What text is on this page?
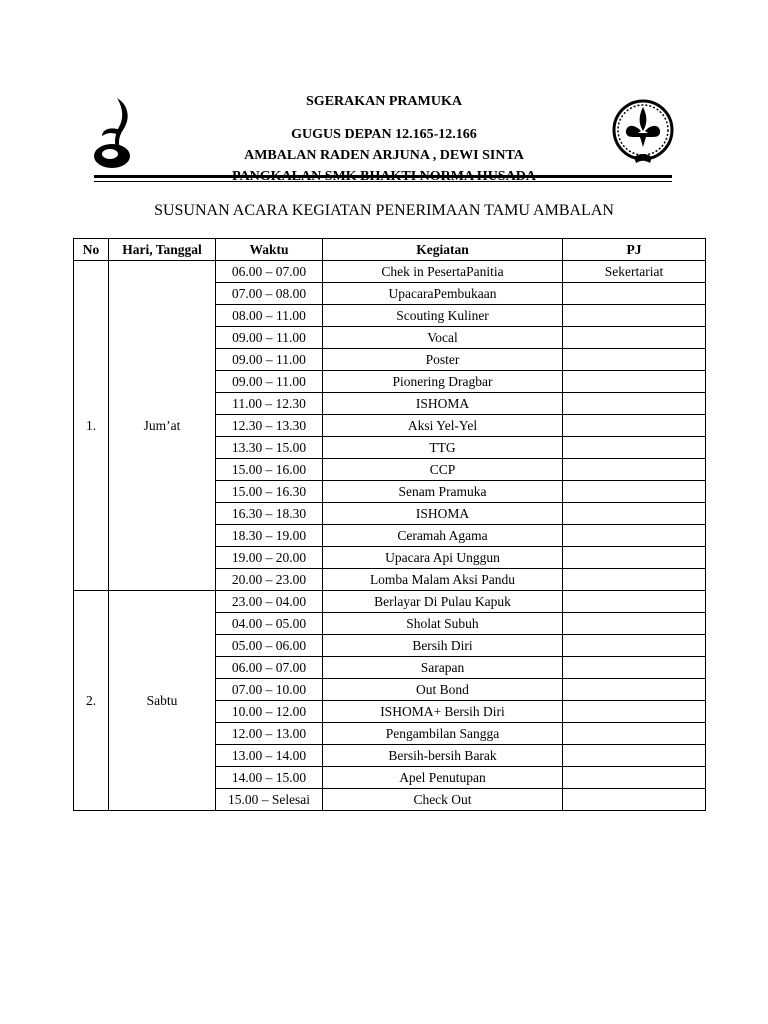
SGERAKAN PRAMUKA
GUGUS DEPAN 12.165-12.166
AMBALAN RADEN ARJUNA , DEWI SINTA
SUSUNAN ACARA KEGIATAN PENERIMAAN TAMU AMBALAN
No	Hari, Tanggal	Waktu	Kegiatan	PJ
1.	Jum’at	06.00 – 07.00	Chek in PesertaPanitia	Sekertariat
		07.00 – 08.00	UpacaraPembukaan	
		08.00 – 11.00	Scouting Kuliner	
		09.00 – 11.00	Vocal	
		09.00 – 11.00	Poster	
		09.00 – 11.00	Pionering Dragbar	
		11.00 – 12.30	ISHOMA	
		12.30 – 13.30	Aksi Yel-Yel	
		13.30 – 15.00	TTG	
		15.00 – 16.00	CCP	
		15.00 – 16.30	Senam Pramuka	
		16.30 – 18.30	ISHOMA	
		18.30 – 19.00	Ceramah Agama	
		19.00 – 20.00	Upacara Api Unggun	
		20.00 – 23.00	Lomba Malam Aksi Pandu	
2.	Sabtu	23.00 – 04.00	Berlayar Di Pulau Kapuk	
		04.00 – 05.00	Sholat Subuh	
		05.00 – 06.00	Bersih Diri	
		06.00 – 07.00	Sarapan	
		07.00 – 10.00	Out Bond	
		10.00 – 12.00	ISHOMA+ Bersih Diri	
		12.00 – 13.00	Pengambilan Sangga	
		13.00 – 14.00	Bersih-bersih Barak	
		14.00 – 15.00	Apel Penutupan	
		15.00 – Selesai	Check Out	
